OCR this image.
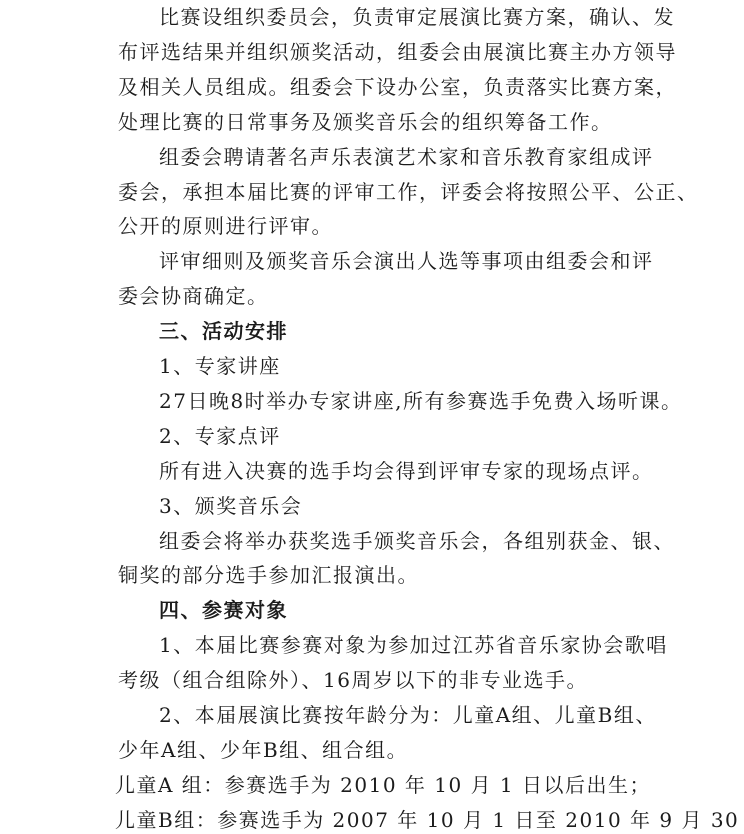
比赛设组织委员会，负责审定展演比赛方案，确认、发
布评选结果并组织颁奖活动，组委会由展演比赛主办方领导
及相关人员组成。组委会下设办公室，负责落实比赛方案，
处理比赛的日常事务及颁奖音乐会的组织筹备工作。
组委会聘请著名声乐表演艺术家和音乐教育家组成评
委会，承担本届比赛的评审工作，评委会将按照公平、公正、
公开的原则进行评审。
评审细则及颁奖音乐会演出人选等事项由组委会和评
委会协商确定。
三、活动安排
1、专家讲座
27日晚8时举办专家讲座,所有参赛选手免费入场听课。
2、专家点评
所有进入决赛的选手均会得到评审专家的现场点评。
3、颁奖音乐会
组委会将举办获奖选手颁奖音乐会，各组别获金、银、
铜奖的部分选手参加汇报演出。
四、参赛对象
1、本届比赛参赛对象为参加过江苏省音乐家协会歌唱
考级（组合组除外）、16周岁以下的非专业选手。
2、本届展演比赛按年龄分为：儿童A组、儿童B组、
少年A组、少年B组、组合组。
儿童A 组：参赛选手为 2010 年 10 月 1 日以后出生；
儿童B组：参赛选手为 2007 年 10 月 1 日至 2010 年 9 月 30
